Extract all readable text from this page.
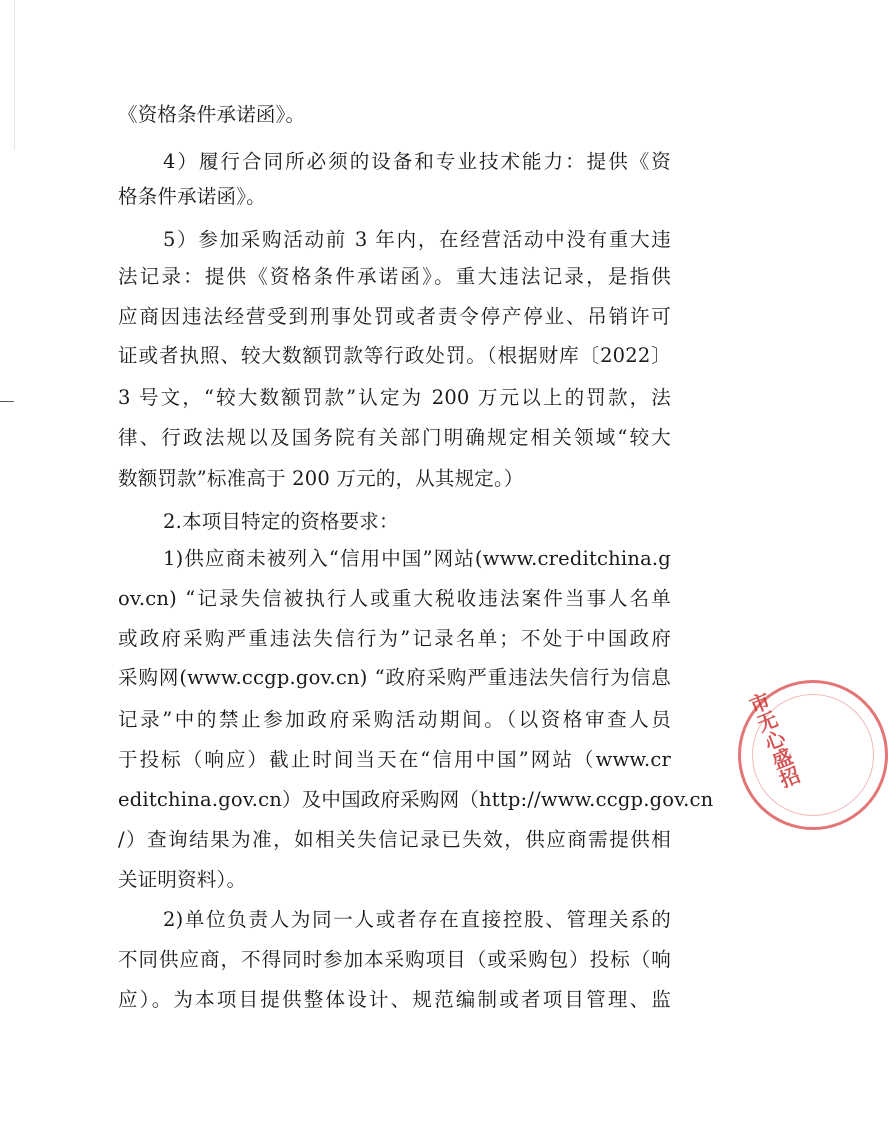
《资格条件承诺函》。
4）履行合同所必须的设备和专业技术能力：提供《资
格条件承诺函》。
5）参加采购活动前 3 年内，在经营活动中没有重大违
法记录：提供《资格条件承诺函》。重大违法记录，是指供
应商因违法经营受到刑事处罚或者责令停产停业、吊销许可
证或者执照、较大数额罚款等行政处罚。（根据财库〔2022〕
3 号文，“较大数额罚款”认定为 200 万元以上的罚款，法
律、行政法规以及国务院有关部门明确规定相关领域“较大
数额罚款”标准高于 200 万元的，从其规定。）
2.本项目特定的资格要求：
1)供应商未被列入“信用中国”网站(www.creditchina.g
ov.cn) “记录失信被执行人或重大税收违法案件当事人名单
或政府采购严重违法失信行为”记录名单；不处于中国政府
采购网(www.ccgp.gov.cn) “政府采购严重违法失信行为信息
记录”中的禁止参加政府采购活动期间。（以资格审查人员
于投标（响应）截止时间当天在“信用中国”网站（www.cr
editchina.gov.cn）及中国政府采购网（http://www.ccgp.gov.cn
/）查询结果为准，如相关失信记录已失效，供应商需提供相
关证明资料）。
2)单位负责人为同一人或者存在直接控股、管理关系的
不同供应商，不得同时参加本采购项目（或采购包）投标（响
应）。为本项目提供整体设计、规范编制或者项目管理、监
市无心盛招
